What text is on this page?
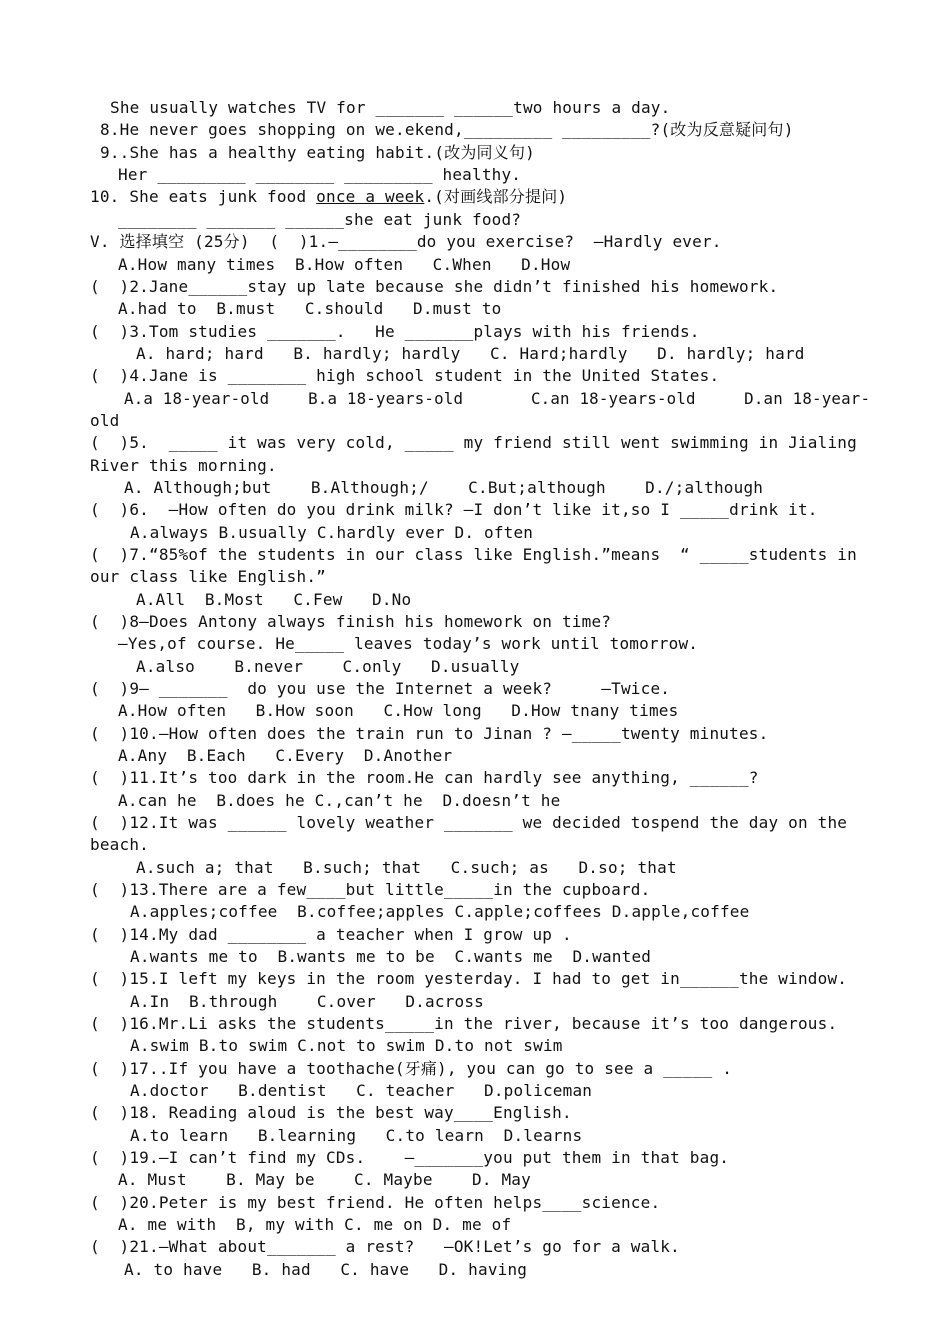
She usually watches TV for _______ ______two hours a day.
8.He never goes shopping on we.ekend,_________ _________?(改为反意疑问句)
9..She has a healthy eating habit.(改为同义句)
Her _________ ________ _________ healthy.
10. She eats junk food once a week.(对画线部分提问)
________ _______ ______she eat junk food?
V. 选择填空 (25分)  (  )1.—________do you exercise?  —Hardly ever.
A.How many times  B.How often   C.When   D.How
(  )2.Jane______stay up late because she didn’t finished his homework.
A.had to  B.must   C.should   D.must to
(  )3.Tom studies _______.   He _______plays with his friends.
A. hard; hard   B. hardly; hardly   C. Hard;hardly   D. hardly; hard
(  )4.Jane is ________ high school student in the United States.
A.a 18-year-old    B.a 18-years-old       C.an 18-years-old     D.an 18-year-
old
(  )5.  _____ it was very cold, _____ my friend still went swimming in Jialing
River this morning.
A. Although;but    B.Although;/    C.But;although    D./;although
(  )6.  —How often do you drink milk? —I don’t like it,so I _____drink it.
A.always B.usually C.hardly ever D. often
(  )7.“85%of the students in our class like English.”means  “ _____students in
our class like English.”
A.All  B.Most   C.Few   D.No
(  )8—Does Antony always finish his homework on time?
—Yes,of course. He_____ leaves today’s work until tomorrow.
A.also    B.never    C.only   D.usually
(  )9— _______  do you use the Internet a week?     —Twice.
A.How often   B.How soon   C.How long   D.How tnany times
(  )10.—How often does the train run to Jinan ? —_____twenty minutes.
A.Any  B.Each   C.Every  D.Another
(  )11.It’s too dark in the room.He can hardly see anything, ______?
A.can he  B.does he C.,can’t he  D.doesn’t he
(  )12.It was ______ lovely weather _______ we decided tospend the day on the
beach.
A.such a; that   B.such; that   C.such; as   D.so; that
(  )13.There are a few____but little_____in the cupboard.
A.apples;coffee  B.coffee;apples C.apple;coffees D.apple,coffee
(  )14.My dad ________ a teacher when I grow up .
A.wants me to  B.wants me to be  C.wants me  D.wanted
(  )15.I left my keys in the room yesterday. I had to get in______the window.
A.In  B.through    C.over   D.across
(  )16.Mr.Li asks the students_____in the river, because it’s too dangerous.
A.swim B.to swim C.not to swim D.to not swim
(  )17..If you have a toothache(牙痛), you can go to see a _____ .
A.doctor   B.dentist   C. teacher   D.policeman
(  )18. Reading aloud is the best way____English.
A.to learn   B.learning   C.to learn  D.learns
(  )19.—I can’t find my CDs.    —_______you put them in that bag.
A. Must    B. May be    C. Maybe    D. May
(  )20.Peter is my best friend. He often helps____science.
A. me with  B, my with C. me on D. me of
(  )21.—What about_______ a rest?   —OK!Let’s go for a walk.
A. to have   B. had   C. have   D. having
